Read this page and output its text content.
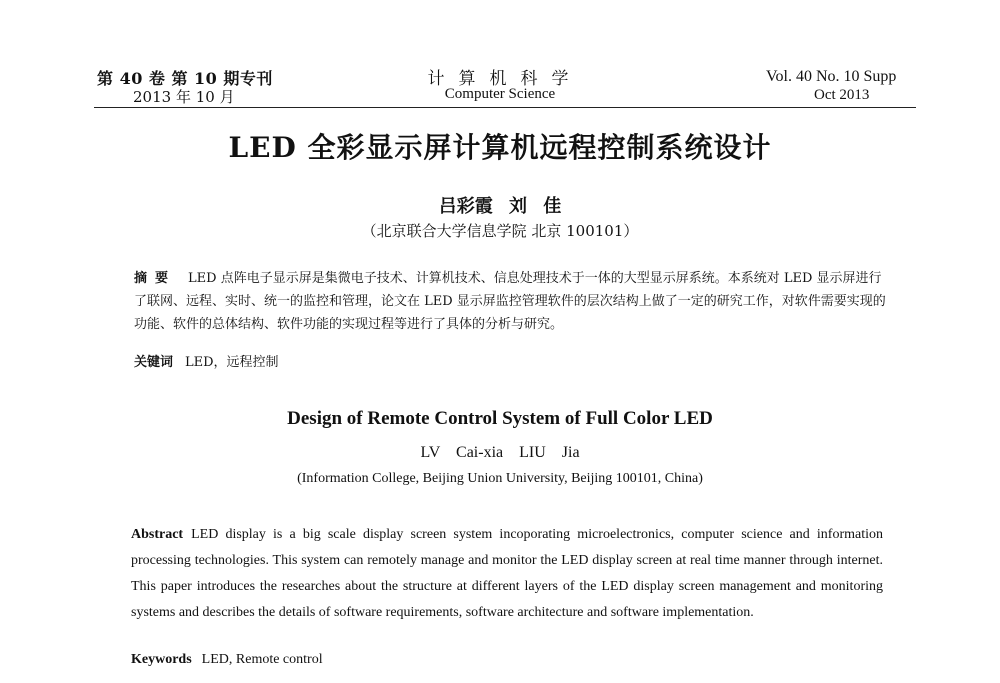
第 40 卷 第 10 期专刊
2013 年 10 月
计算机科学
Computer Science
Vol. 40 No. 10 Supp
Oct 2013
LED 全彩显示屏计算机远程控制系统设计
吕彩霞 刘 佳
（北京联合大学信息学院 北京 100101）
摘要 LED 点阵电子显示屏是集微电子技术、计算机技术、信息处理技术于一体的大型显示屏系统。本系统对 LED 显示屏进行了联网、远程、实时、统一的监控和管理，论文在 LED 显示屏监控管理软件的层次结构上做了一定的研究工作，对软件需要实现的功能、软件的总体结构、软件功能的实现过程等进行了具体的分析与研究。
关键词 LED，远程控制
Design of Remote Control System of Full Color LED
LV Cai-xia LIU Jia
(Information College, Beijing Union University, Beijing 100101, China)
Abstract LED display is a big scale display screen system incoporating microelectronics, computer science and information processing technologies. This system can remotely manage and monitor the LED display screen at real time manner through internet. This paper introduces the researches about the structure at different layers of the LED display screen management and monitoring systems and describes the details of software requirements, software architecture and software implementation.
Keywords LED, Remote control
